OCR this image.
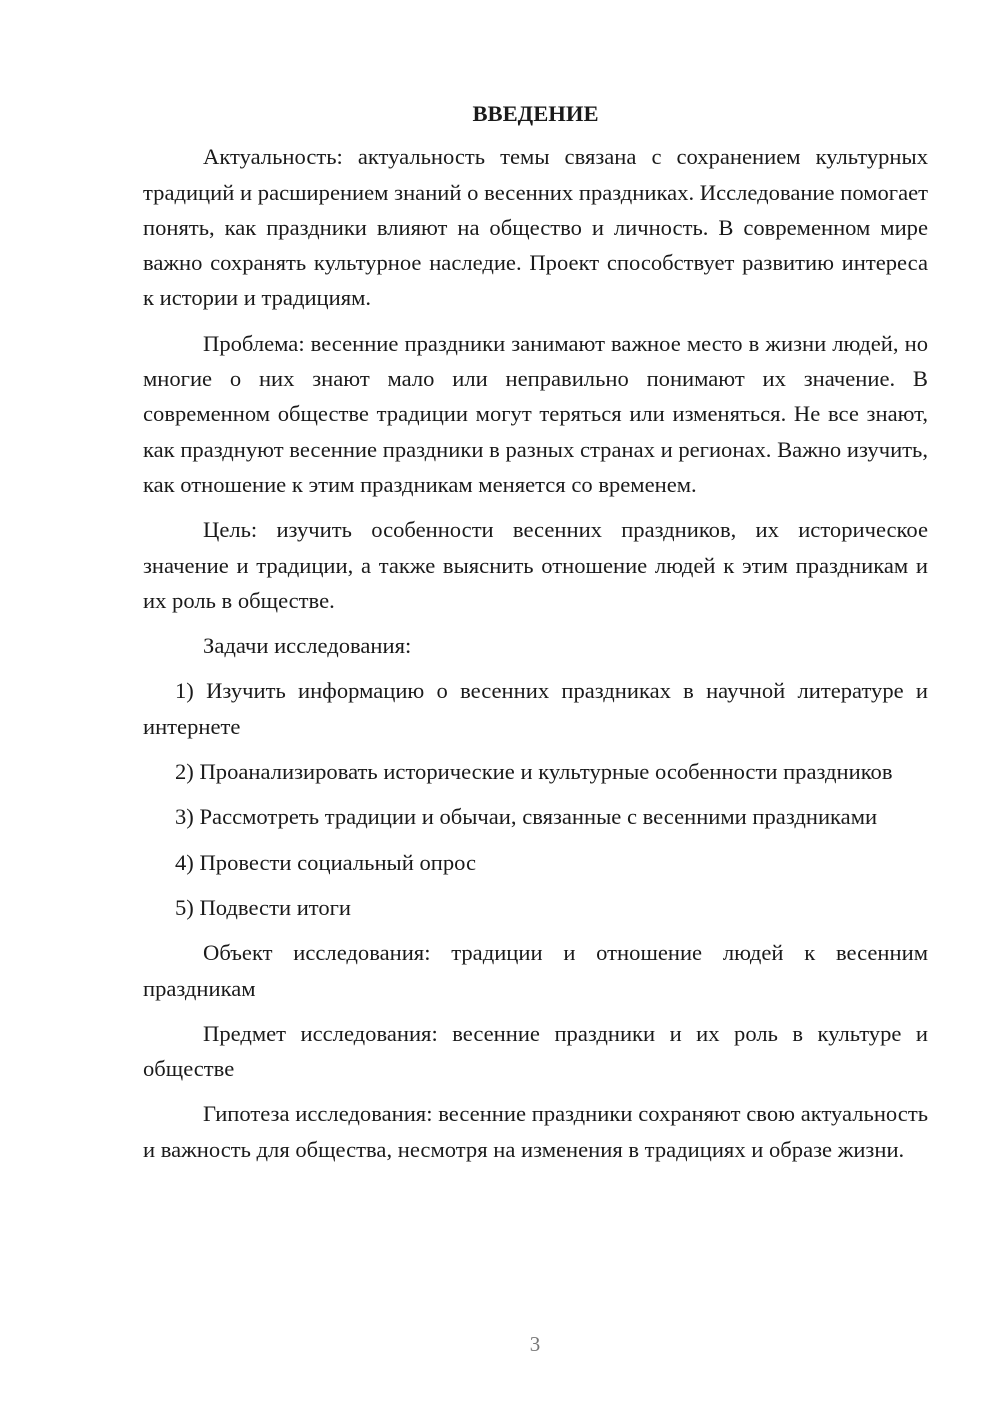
ВВЕДЕНИЕ

Актуальность: актуальность темы связана с сохранением культурных традиций и расширением знаний о весенних праздниках. Исследование помогает понять, как праздники влияют на общество и личность. В современном мире важно сохранять культурное наследие. Проект способствует развитию интереса к истории и традициям.

Проблема: весенние праздники занимают важное место в жизни людей, но многие о них знают мало или неправильно понимают их значение. В современном обществе традиции могут теряться или изменяться. Не все знают, как празднуют весенние праздники в разных странах и регионах. Важно изучить, как отношение к этим праздникам меняется со временем.

Цель: изучить особенности весенних праздников, их историческое значение и традиции, а также выяснить отношение людей к этим праздникам и их роль в обществе.

Задачи исследования:

1) Изучить информацию о весенних праздниках в научной литературе и интернете

2) Проанализировать исторические и культурные особенности праздников

3) Рассмотреть традиции и обычаи, связанные с весенними праздниками

4) Провести социальный опрос

5) Подвести итоги

Объект исследования: традиции и отношение людей к весенним праздникам

Предмет исследования: весенние праздники и их роль в культуре и обществе

Гипотеза исследования: весенние праздники сохраняют свою актуальность и важность для общества, несмотря на изменения в традициях и образе жизни.

3
